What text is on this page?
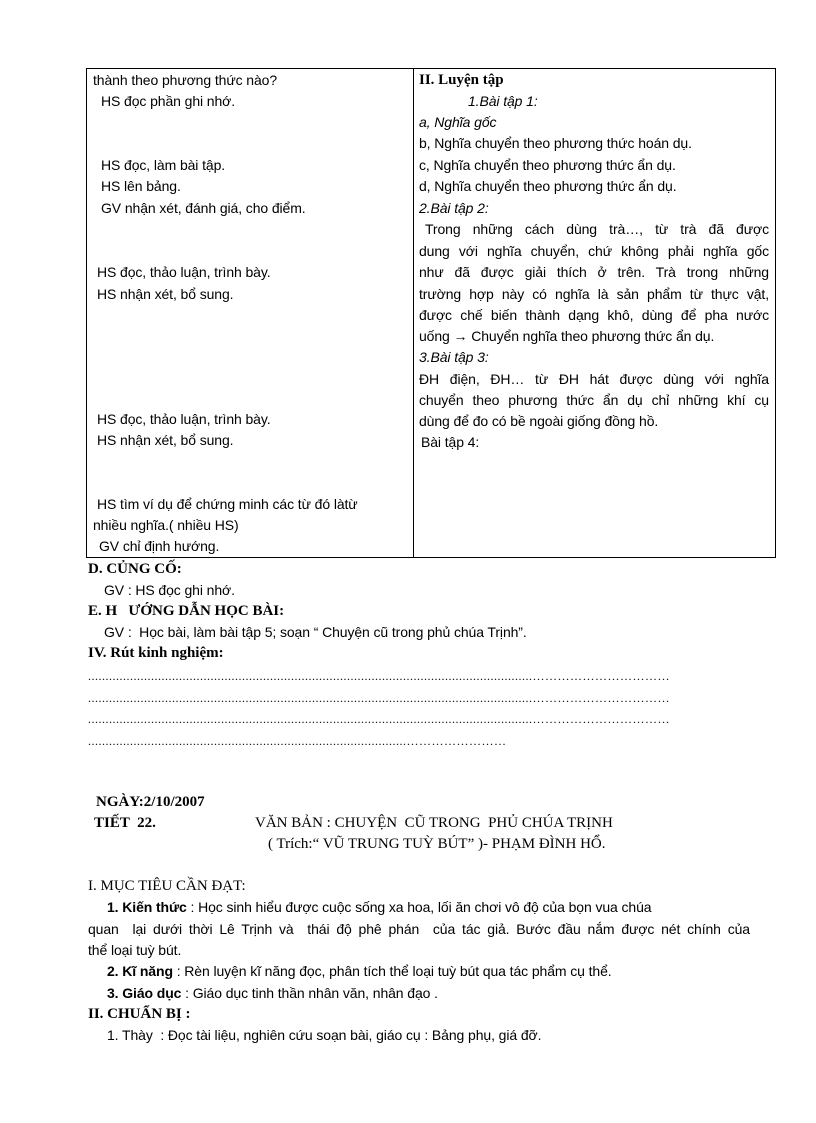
thành theo phương thức nào?
HS đọc phần ghi nhớ.
HS đọc, làm bài tập.
HS lên bảng.
GV nhận xét, đánh giá, cho điểm.
HS đọc, thảo luận, trình bày.
HS nhận xét, bổ sung.
HS đọc, thảo luận, trình bày.
HS nhận xét, bổ sung.
HS tìm ví dụ để chứng minh các từ đó làtừ
nhiều nghĩa.( nhiều HS)
GV chỉ định hướng.
II. Luyện tập
1.Bài tập 1:
a, Nghĩa gốc
b, Nghĩa chuyển theo phương thức hoán dụ.
c, Nghĩa chuyển theo phương thức ẩn dụ.
d, Nghĩa chuyển theo phương thức ẩn dụ.
2.Bài tập 2:
Trong những cách dùng trà…, từ trà đã được
dung với nghĩa chuyển, chứ không phải nghĩa gốc
như đã được giải thích ở trên. Trà trong những
trường hợp này có nghĩa là sản phẩm từ thực vật,
được chế biến thành dạng khô, dùng để pha nước
uống → Chuyển nghĩa theo phương thức ẩn dụ.
3.Bài tập 3:
ĐH điện, ĐH… từ ĐH hát được dùng với nghĩa
chuyển theo phương thức ẩn dụ chỉ những khí cụ
dùng để đo có bề ngoài giống đồng hồ.
Bài tập 4:
D. CỦNG CỐ:
GV : HS đọc ghi nhớ.
E. H   ƯỚNG DẪN HỌC BÀI:
GV :  Học bài, làm bài tập 5; soạn “ Chuyện cũ trong phủ chúa Trịnh”.
IV. Rút kinh nghiệm:
...............................................................................................................................……………………………
...............................................................................................................................……………………………
...............................................................................................................................……………………………
...........................................................................................……………………
NGÀY:2/10/2007
TIẾT  22.	VĂN BẢN : CHUYỆN  CŨ TRONG  PHỦ CHÚA TRỊNH
( Trích:“ VŨ TRUNG TUỲ BÚT” )- PHẠM ĐÌNH HỔ.
I. MỤC TIÊU CẦN ĐẠT:
1. Kiến thức : Học sinh hiểu được cuộc sống xa hoa, lối ăn chơi vô độ của bọn vua chúa
quan  lại dưới thời Lê Trịnh và  thái độ phê phán  của tác giả. Bước đầu nắm được nét chính của
thể loại tuỳ bút.
2. Kĩ năng : Rèn luyện kĩ năng đọc, phân tích thể loại tuỳ bút qua tác phẩm cụ thể.
3. Giáo dục : Giáo dục tinh thần nhân văn, nhân đạo .
II. CHUẨN BỊ :
1. Thày  : Đọc tài liệu, nghiên cứu soạn bài, giáo cụ : Bảng phụ, giá đỡ.
